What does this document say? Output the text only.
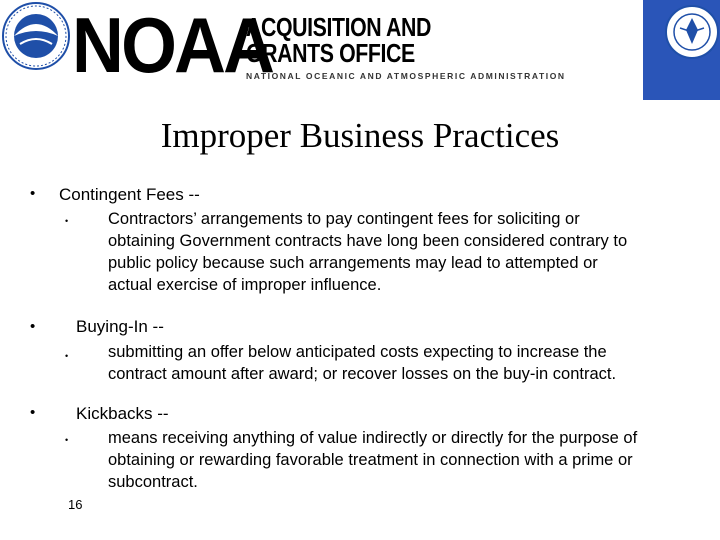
NOAA
ACQUISITION AND
GRANTS OFFICE
NATIONAL OCEANIC AND ATMOSPHERIC ADMINISTRATION
Improper Business Practices
• Contingent Fees --
• Contractors’ arrangements to pay contingent fees for soliciting or
obtaining Government contracts have long been considered contrary to
public policy because such arrangements may lead to attempted or
actual exercise of improper influence.
• Buying-In --
• submitting an offer below anticipated costs expecting to increase the
contract amount after award; or recover losses on the buy-in contract.
• Kickbacks --
• means receiving anything of value indirectly or directly for the purpose of
obtaining or rewarding favorable treatment in connection with a prime or
subcontract.
16
